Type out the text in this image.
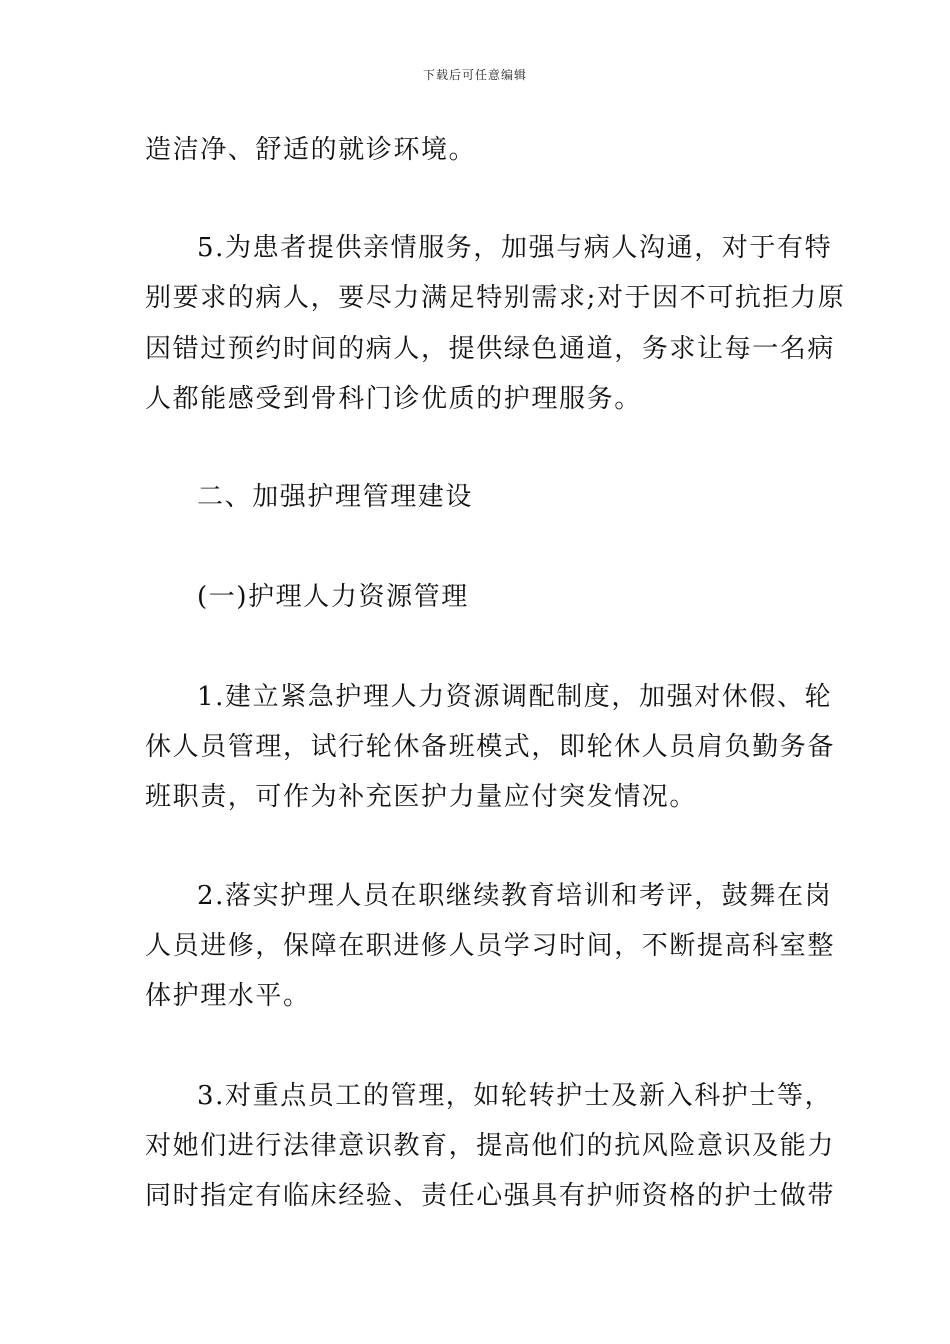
下载后可任意编辑
造洁净、舒适的就诊环境。
5.为患者提供亲情服务，加强与病人沟通，对于有特
别要求的病人，要尽力满足特别需求;对于因不可抗拒力原
因错过预约时间的病人，提供绿色通道，务求让每一名病
人都能感受到骨科门诊优质的护理服务。
二、加强护理管理建设
(一)护理人力资源管理
1.建立紧急护理人力资源调配制度，加强对休假、轮
休人员管理，试行轮休备班模式，即轮休人员肩负勤务备
班职责，可作为补充医护力量应付突发情况。
2.落实护理人员在职继续教育培训和考评，鼓舞在岗
人员进修，保障在职进修人员学习时间，不断提高科室整
体护理水平。
3.对重点员工的管理，如轮转护士及新入科护士等，
对她们进行法律意识教育，提高他们的抗风险意识及能力
同时指定有临床经验、责任心强具有护师资格的护士做带
